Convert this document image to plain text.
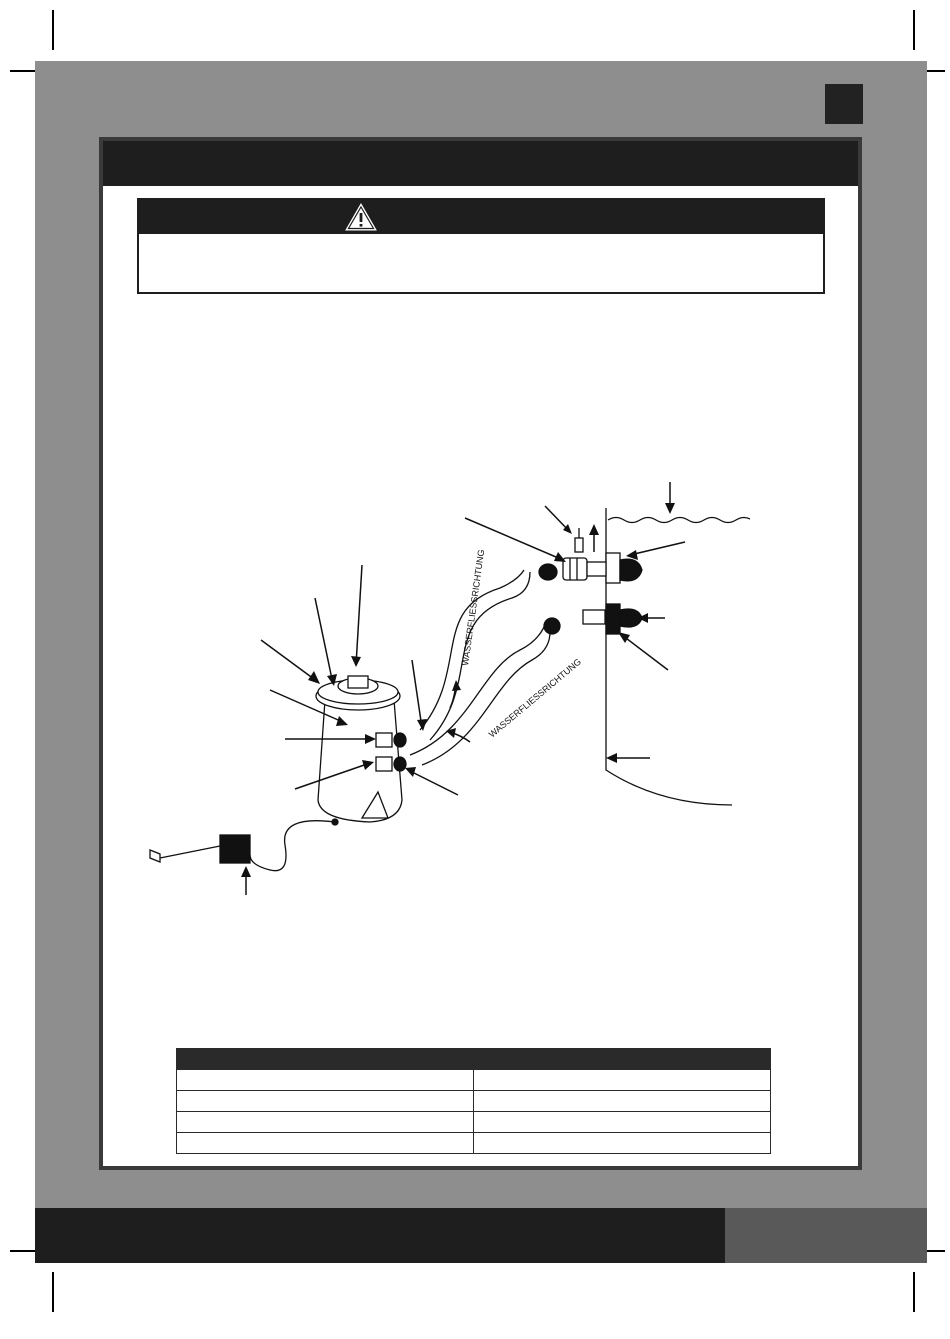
WASSERFLIESSRICHTUNG
WASSERFLIESSRICHTUNG
